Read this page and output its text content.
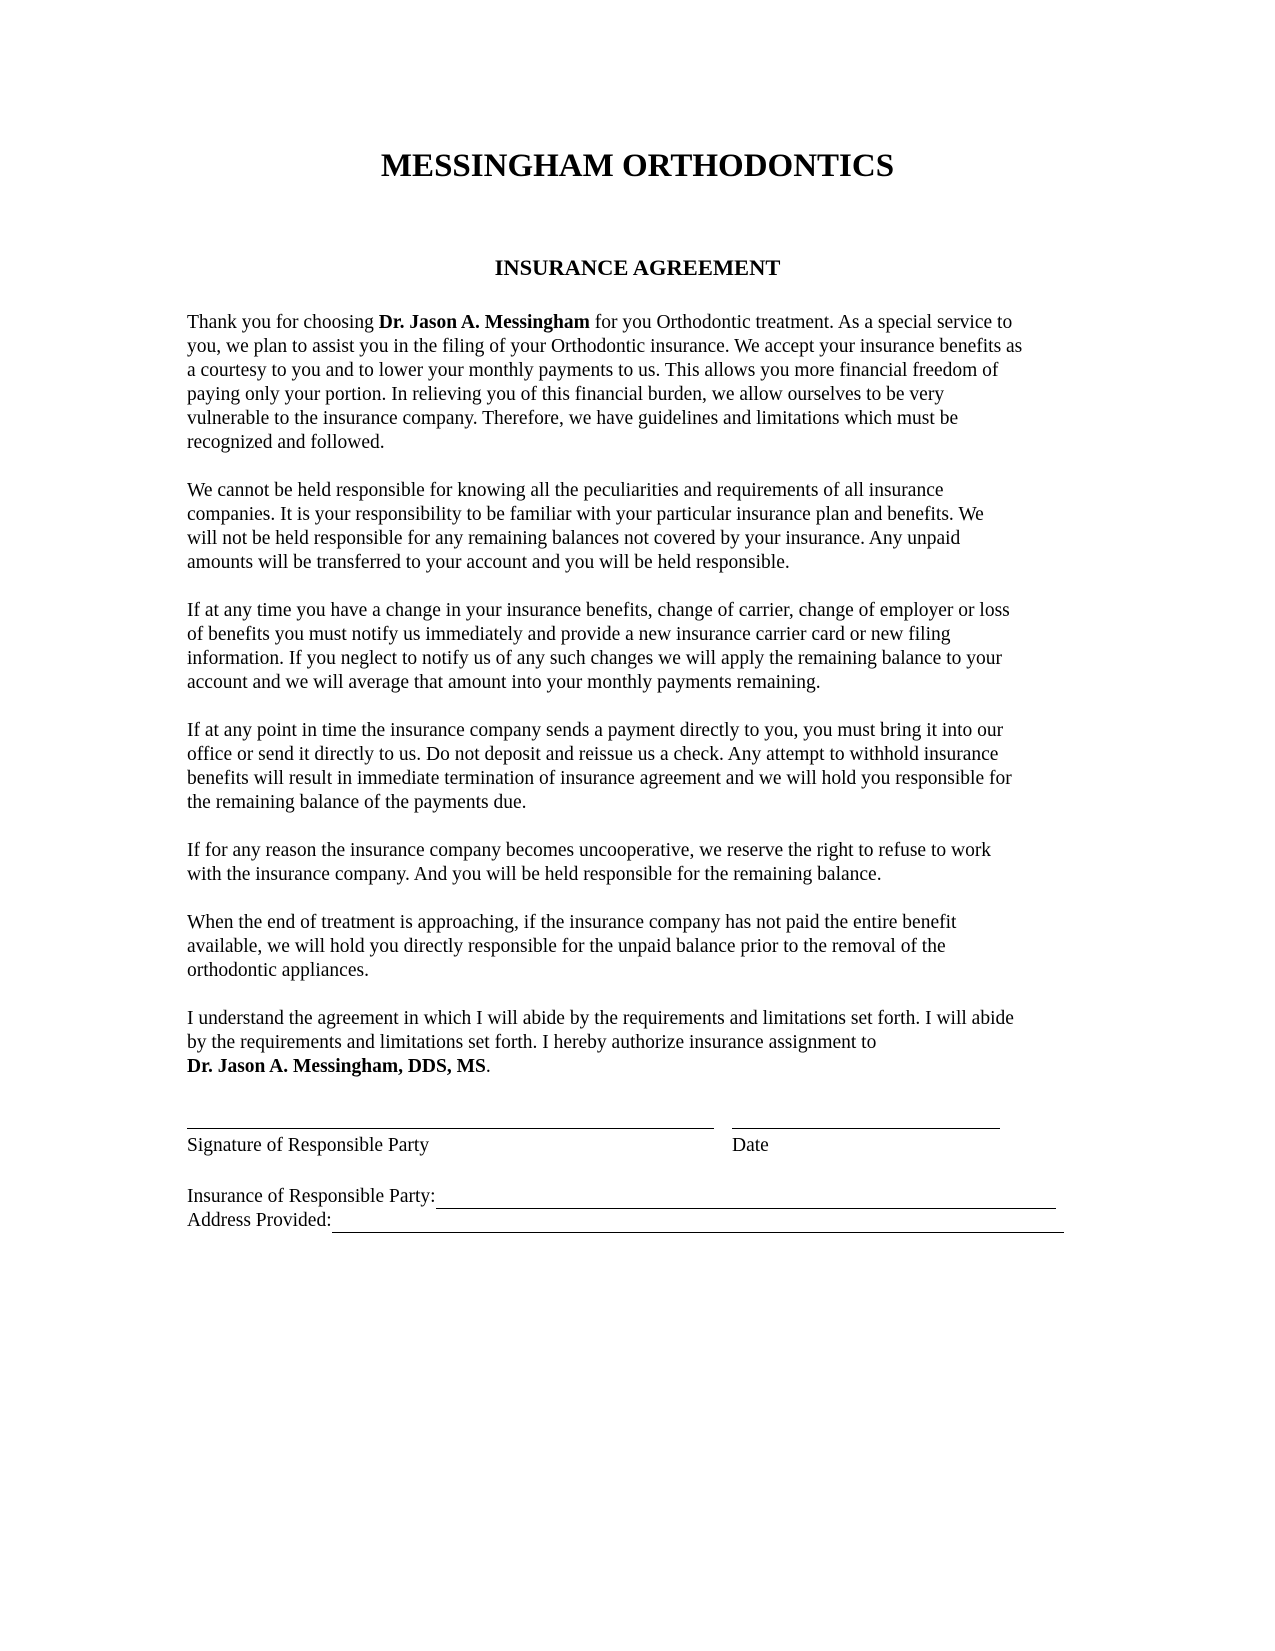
MESSINGHAM ORTHODONTICS
INSURANCE AGREEMENT
Thank you for choosing Dr. Jason A. Messingham for you Orthodontic treatment. As a special service to
you, we plan to assist you in the filing of your Orthodontic insurance. We accept your insurance benefits as
a courtesy to you and to lower your monthly payments to us. This allows you more financial freedom of
paying only your portion. In relieving you of this financial burden, we allow ourselves to be very
vulnerable to the insurance company. Therefore, we have guidelines and limitations which must be
recognized and followed.
We cannot be held responsible for knowing all the peculiarities and requirements of all insurance
companies. It is your responsibility to be familiar with your particular insurance plan and benefits. We
will not be held responsible for any remaining balances not covered by your insurance. Any unpaid
amounts will be transferred to your account and you will be held responsible.
If at any time you have a change in your insurance benefits, change of carrier, change of employer or loss
of benefits you must notify us immediately and provide a new insurance carrier card or new filing
information. If you neglect to notify us of any such changes we will apply the remaining balance to your
account and we will average that amount into your monthly payments remaining.
If at any point in time the insurance company sends a payment directly to you, you must bring it into our
office or send it directly to us. Do not deposit and reissue us a check. Any attempt to withhold insurance
benefits will result in immediate termination of insurance agreement and we will hold you responsible for
the remaining balance of the payments due.
If for any reason the insurance company becomes uncooperative, we reserve the right to refuse to work
with the insurance company. And you will be held responsible for the remaining balance.
When the end of treatment is approaching, if the insurance company has not paid the entire benefit
available, we will hold you directly responsible for the unpaid balance prior to the removal of the
orthodontic appliances.
I understand the agreement in which I will abide by the requirements and limitations set forth. I will abide
by the requirements and limitations set forth. I hereby authorize insurance assignment to
Dr. Jason A. Messingham, DDS, MS.
Signature of Responsible Party	Date
Insurance of Responsible Party:
Address Provided:
